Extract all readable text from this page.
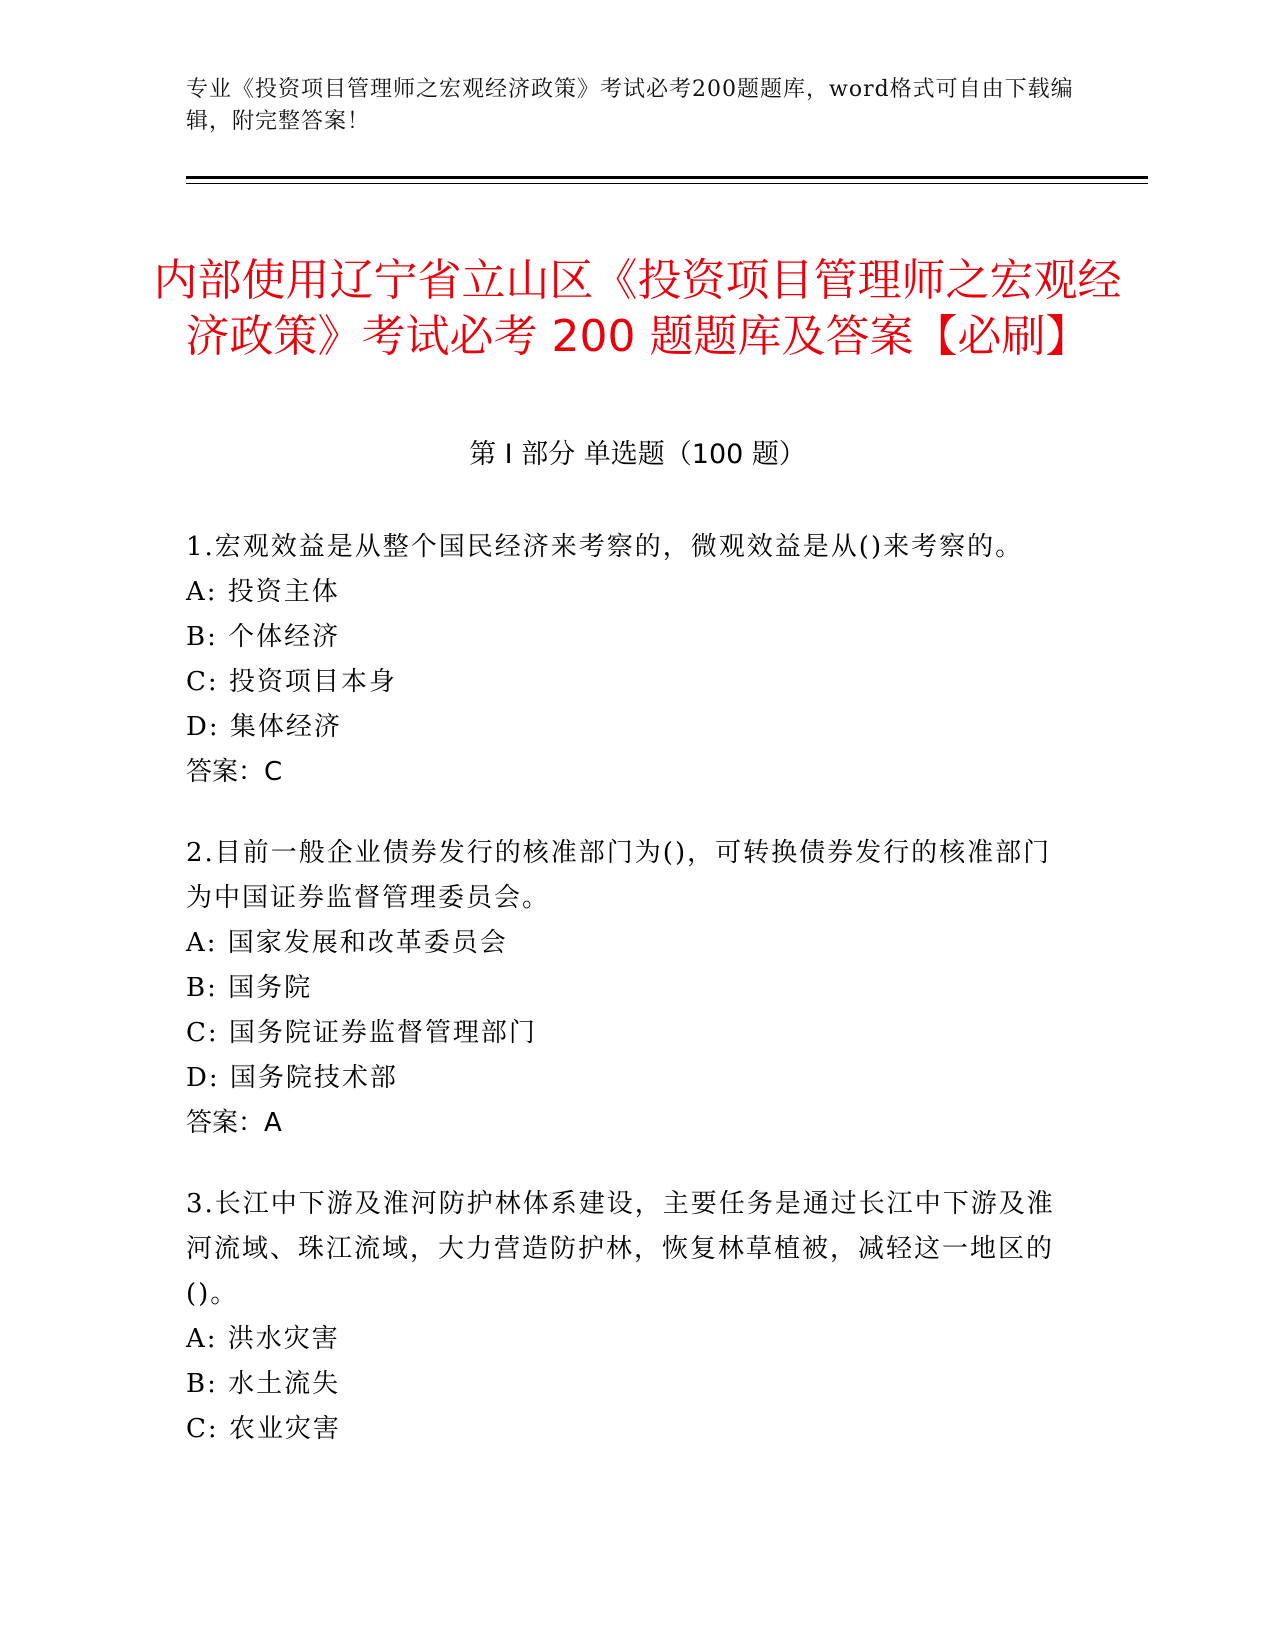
专业《投资项目管理师之宏观经济政策》考试必考200题题库，word格式可自由下载编辑，附完整答案！
内部使用辽宁省立山区《投资项目管理师之宏观经济政策》考试必考 200 题题库及答案【必刷】
第 I 部分 单选题（100 题）
1.宏观效益是从整个国民经济来考察的，微观效益是从()来考察的。
A: 投资主体
B: 个体经济
C: 投资项目本身
D: 集体经济
答案：C
2.目前一般企业债券发行的核准部门为()，可转换债券发行的核准部门为中国证券监督管理委员会。
A: 国家发展和改革委员会
B: 国务院
C: 国务院证券监督管理部门
D: 国务院技术部
答案：A
3.长江中下游及淮河防护林体系建设，主要任务是通过长江中下游及淮河流域、珠江流域，大力营造防护林，恢复林草植被，减轻这一地区的()。
A: 洪水灾害
B: 水土流失
C: 农业灾害
